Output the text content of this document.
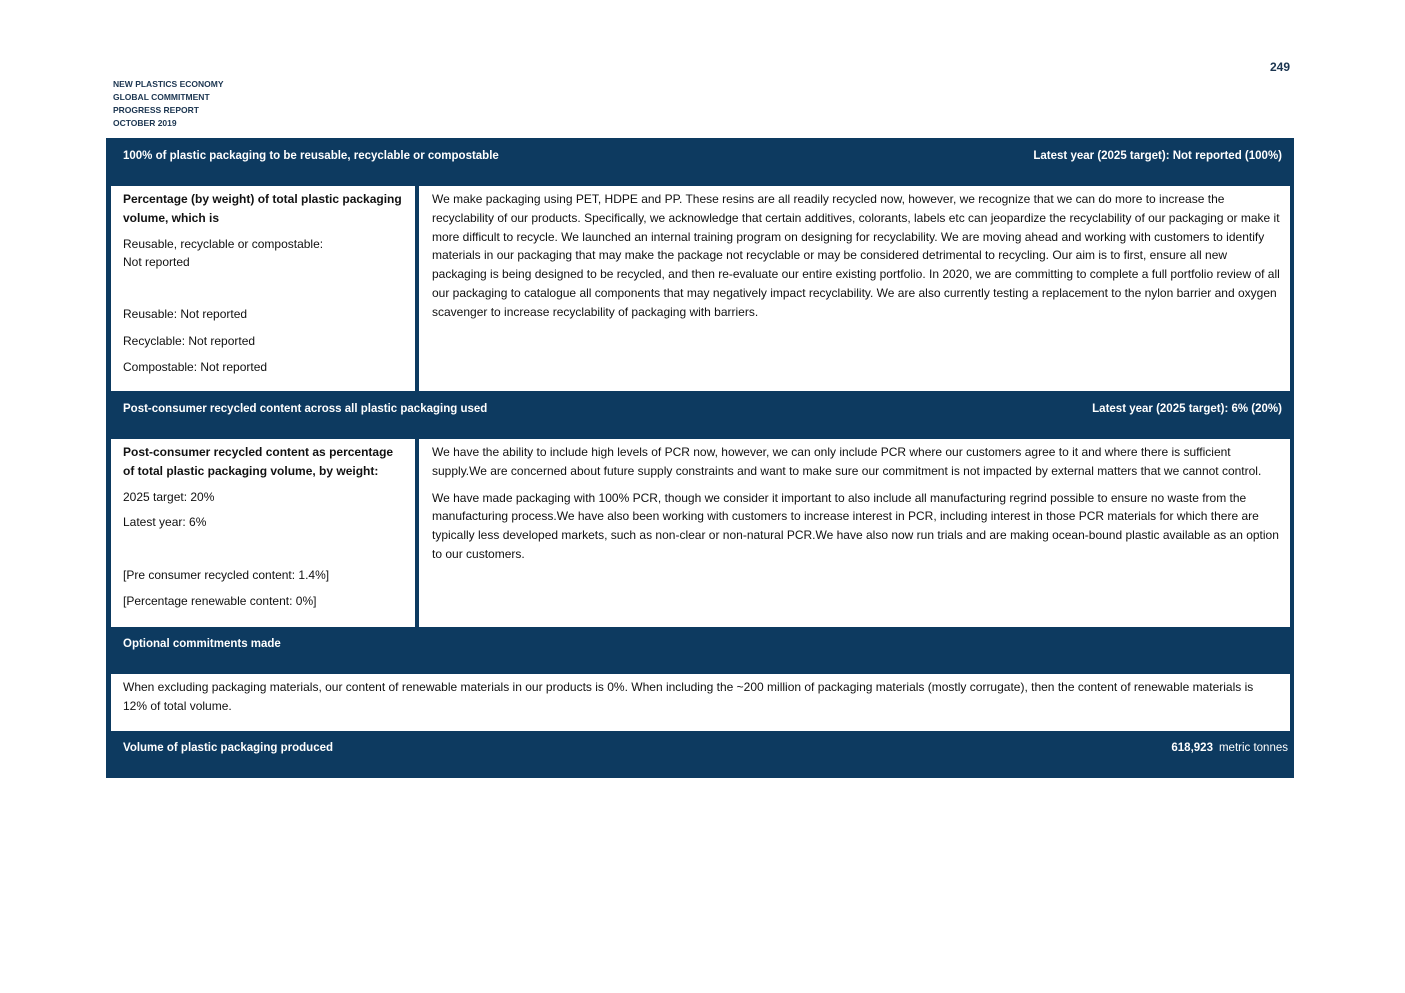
249
NEW PLASTICS ECONOMY
GLOBAL COMMITMENT
PROGRESS REPORT
OCTOBER 2019
100% of plastic packaging to be reusable, recyclable or compostable	Latest year (2025 target): Not reported (100%)

Percentage (by weight) of total plastic packaging volume, which is

Reusable, recyclable or compostable:

Not reported

Reusable: Not reported

Recyclable: Not reported

Compostable: Not reported

We make packaging using PET, HDPE and PP. These resins are all readily recycled now, however, we recognize that we can do more to increase the recyclability of our products. Specifically, we acknowledge that certain additives, colorants, labels etc can jeopardize the recyclability of our packaging or make it more difficult to recycle. We launched an internal training program on designing for recyclability. We are moving ahead and working with customers to identify materials in our packaging that may make the package not recyclable or may be considered detrimental to recycling. Our aim is to first, ensure all new packaging is being designed to be recycled, and then re-evaluate our entire existing portfolio. In 2020, we are committing to complete a full portfolio review of all our packaging to catalogue all components that may negatively impact recyclability. We are also currently testing a replacement to the nylon barrier and oxygen scavenger to increase recyclability of packaging with barriers.

Post-consumer recycled content across all plastic packaging used	Latest year (2025 target): 6% (20%)

Post-consumer recycled content as percentage of total plastic packaging volume, by weight:

2025 target: 20%

Latest year: 6%

[Pre consumer recycled content: 1.4%]

[Percentage renewable content: 0%]

We have the ability to include high levels of PCR now, however, we can only include PCR where our customers agree to it and where there is sufficient supply.We are concerned about future supply constraints and want to make sure our commitment is not impacted by external matters that we cannot control.

We have made packaging with 100% PCR, though we consider it important to also include all manufacturing regrind possible to ensure no waste from the manufacturing process.We have also been working with customers to increase interest in PCR, including interest in those PCR materials for which there are typically less developed markets, such as non-clear or non-natural PCR.We have also now run trials and are making ocean-bound plastic available as an option to our customers.

Optional commitments made

When excluding packaging materials, our content of renewable materials in our products is 0%. When including the ~200 million of packaging materials (mostly corrugate), then the content of renewable materials is 12% of total volume.

Volume of plastic packaging produced	618,923 metric tonnes
